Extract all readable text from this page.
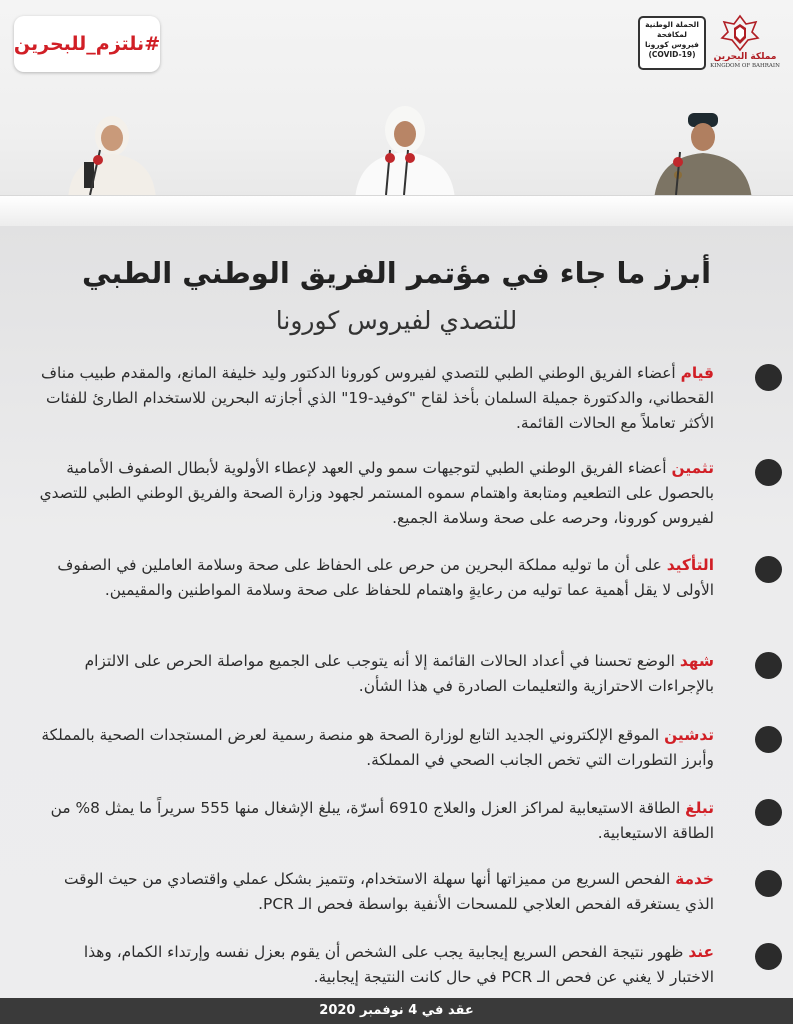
#نلتزم_للبحرين
الحملة الوطنية
لمكافحة
فيروس كورونا
(COVID-19)	مملكة البحرين
KINGDOM OF BAHRAIN
أبرز ما جاء في مؤتمر الفريق الوطني الطبي
للتصدي لفيروس كورونا

قيام أعضاء الفريق الوطني الطبي للتصدي لفيروس كورونا الدكتور وليد خليفة المانع، والمقدم طبيب مناف القحطاني، والدكتورة جميلة السلمان بأخذ لقاح "كوفيد-19" الذي أجازته البحرين للاستخدام الطارئ للفئات الأكثر تعاملاً مع الحالات القائمة.

تثمين أعضاء الفريق الوطني الطبي لتوجيهات سمو ولي العهد لإعطاء الأولوية لأبطال الصفوف الأمامية بالحصول على التطعيم ومتابعة واهتمام سموه المستمر لجهود وزارة الصحة والفريق الوطني الطبي للتصدي لفيروس كورونا، وحرصه على صحة وسلامة الجميع.

التأكيد على أن ما توليه مملكة البحرين من حرص على الحفاظ على صحة وسلامة العاملين في الصفوف الأولى لا يقل أهمية عما توليه من رعايةٍ واهتمام للحفاظ على صحة وسلامة المواطنين والمقيمين.

شهد الوضع تحسنا في أعداد الحالات القائمة إلا أنه يتوجب على الجميع مواصلة الحرص على الالتزام بالإجراءات الاحترازية والتعليمات الصادرة في هذا الشأن.

تدشين الموقع الإلكتروني الجديد التابع لوزارة الصحة هو منصة رسمية لعرض المستجدات الصحية بالمملكة وأبرز التطورات التي تخص الجانب الصحي في المملكة.

تبلغ الطاقة الاستيعابية لمراكز العزل والعلاج 6910 أسرّة، يبلغ الإشغال منها 555 سريراً ما يمثل 8% من الطاقة الاستيعابية.

خدمة الفحص السريع من مميزاتها أنها سهلة الاستخدام، وتتميز بشكل عملي واقتصادي من حيث الوقت الذي يستغرقه الفحص العلاجي للمسحات الأنفية بواسطة فحص الـ PCR.

عند ظهور نتيجة الفحص السريع إيجابية يجب على الشخص أن يقوم بعزل نفسه وإرتداء الكمام، وهذا الاختبار لا يغني عن فحص الـ PCR في حال كانت النتيجة إيجابية.

عقد في 4 نوفمبر 2020
